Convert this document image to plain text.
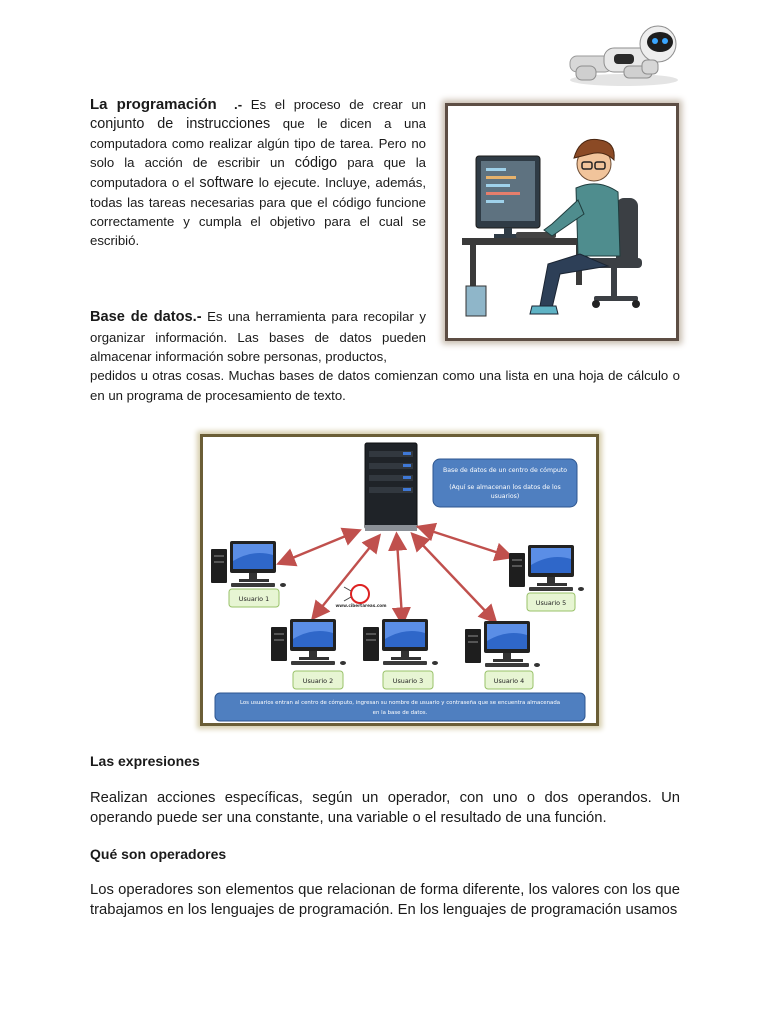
La programación .- Es el proceso de crear un conjunto de instrucciones que le dicen a una computadora como realizar algún tipo de tarea. Pero no solo la acción de escribir un código para que la computadora o el software lo ejecute. Incluye, además, todas las tareas necesarias para que el código funcione correctamente y cumpla el objetivo para el cual se escribió.
Base de datos.- Es una herramienta para recopilar y organizar información. Las bases de datos pueden almacenar información sobre personas, productos,
pedidos u otras cosas. Muchas bases de datos comienzan como una lista en una hoja de cálculo o en un programa de procesamiento de texto.
Base de datos de un centro de cómputo
(Aquí se almacenan los datos de los
usuarios)
www.cibertareas.com
Usuario 1	Usuario 5
Usuario 2	Usuario 3	Usuario 4
Los usuarios entran al centro de cómputo, ingresan su nombre de usuario y contraseña que se encuentra almacenada
en la base de datos.
Las expresiones
Realizan acciones específicas, según un operador, con uno o dos operandos. Un operando puede ser una constante, una variable o el resultado de una función.
Qué son operadores
Los operadores son elementos que relacionan de forma diferente, los valores con los que trabajamos en los lenguajes de programación. En los lenguajes de programación usamos
